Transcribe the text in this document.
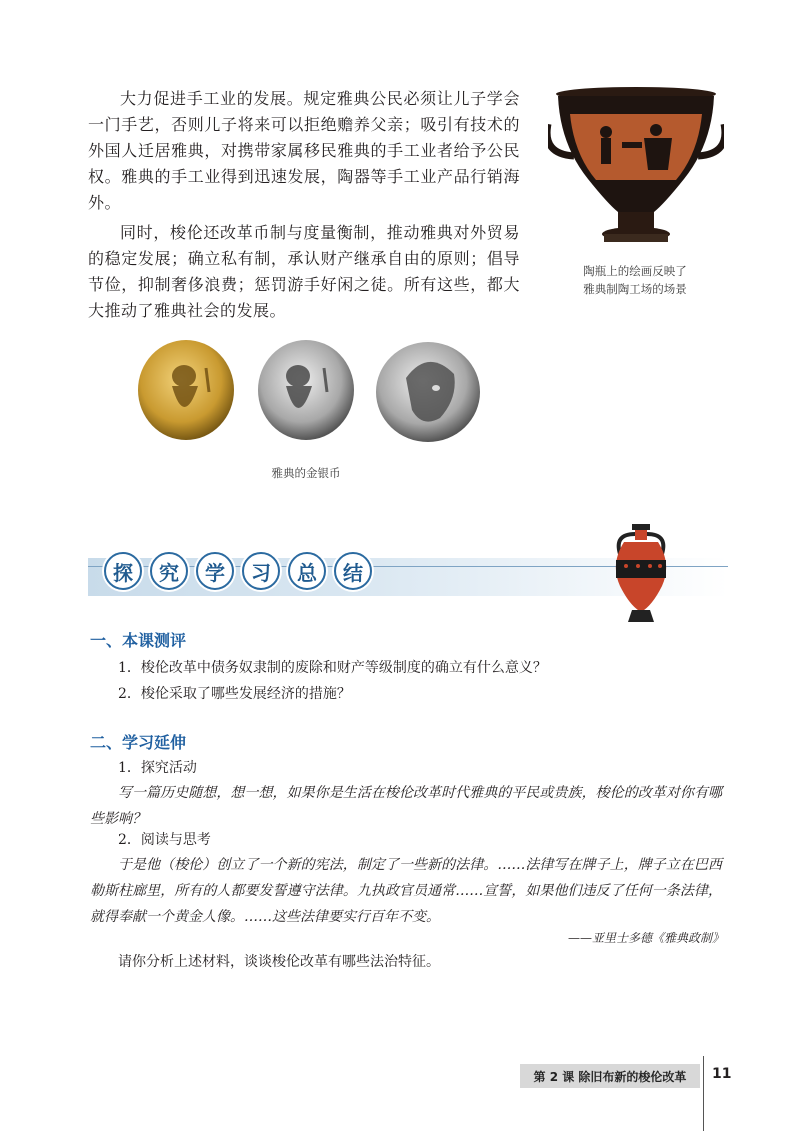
大力促进手工业的发展。规定雅典公民必须让儿子学会一门手艺，否则儿子将来可以拒绝赡养父亲；吸引有技术的外国人迁居雅典，对携带家属移民雅典的手工业者给予公民权。雅典的手工业得到迅速发展，陶器等手工业产品行销海外。

同时，梭伦还改革币制与度量衡制，推动雅典对外贸易的稳定发展；确立私有制，承认财产继承自由的原则；倡导节俭，抑制奢侈浪费；惩罚游手好闲之徒。所有这些，都大大推动了雅典社会的发展。

陶瓶上的绘画反映了
雅典制陶工场的场景
雅典的金银币
探	究	学	习	总	结
一、本课测评
1．梭伦改革中债务奴隶制的废除和财产等级制度的确立有什么意义？
2．梭伦采取了哪些发展经济的措施？
二、学习延伸
1．探究活动
写一篇历史随想，想一想，如果你是生活在梭伦改革时代雅典的平民或贵族，梭伦的改革对你有哪些影响？
2．阅读与思考
于是他（梭伦）创立了一个新的宪法，制定了一些新的法律。……法律写在牌子上，牌子立在巴西勒斯柱廊里，所有的人都要发誓遵守法律。九执政官员通常……宣誓，如果他们违反了任何一条法律，就得奉献一个黄金人像。……这些法律要实行百年不变。
——亚里士多德《雅典政制》
请你分析上述材料，谈谈梭伦改革有哪些法治特征。
第 2 课 除旧布新的梭伦改革	11
